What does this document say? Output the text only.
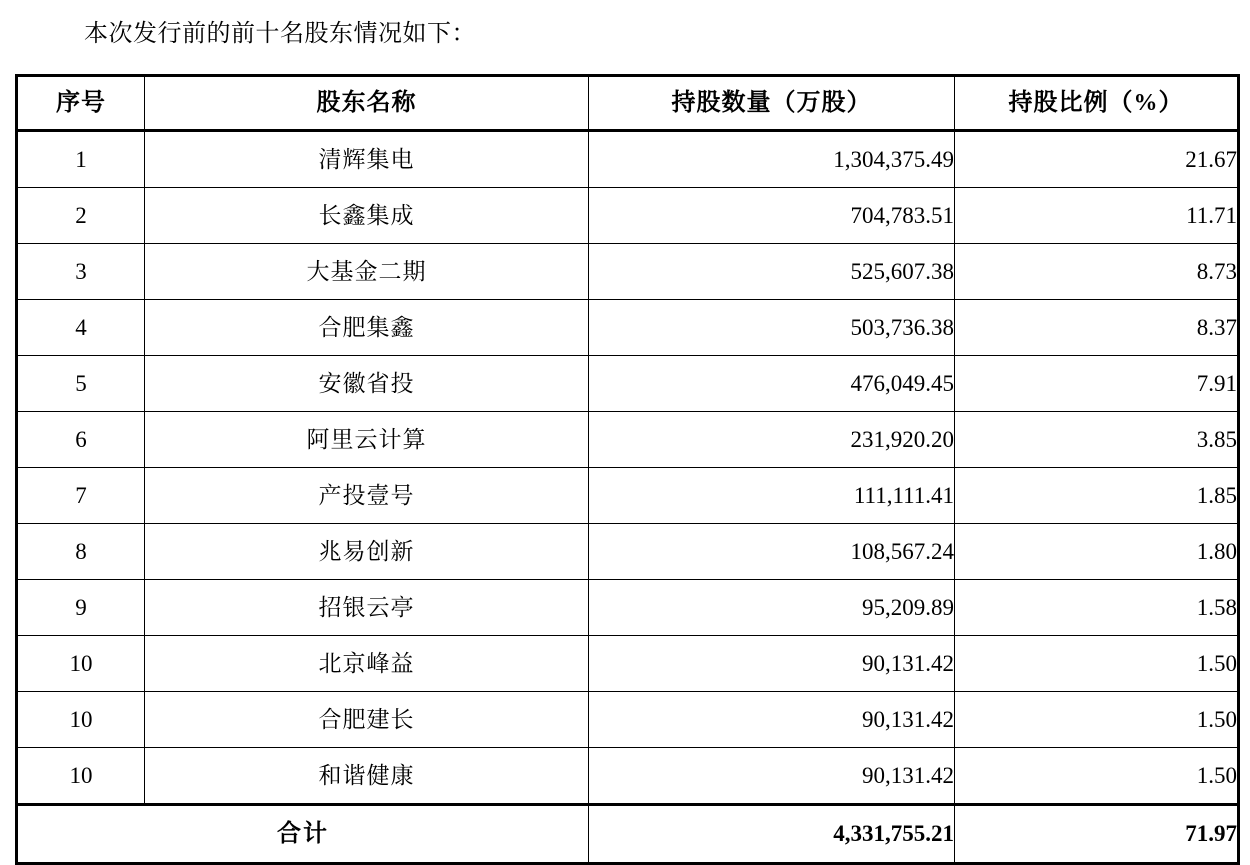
本次发行前的前十名股东情况如下：
序号	股东名称	持股数量（万股）	持股比例（%）
1	清辉集电	1,304,375.49	21.67
2	长鑫集成	704,783.51	11.71
3	大基金二期	525,607.38	8.73
4	合肥集鑫	503,736.38	8.37
5	安徽省投	476,049.45	7.91
6	阿里云计算	231,920.20	3.85
7	产投壹号	111,111.41	1.85
8	兆易创新	108,567.24	1.80
9	招银云亭	95,209.89	1.58
10	北京峰益	90,131.42	1.50
10	合肥建长	90,131.42	1.50
10	和谐健康	90,131.42	1.50
合计		4,331,755.21	71.97
